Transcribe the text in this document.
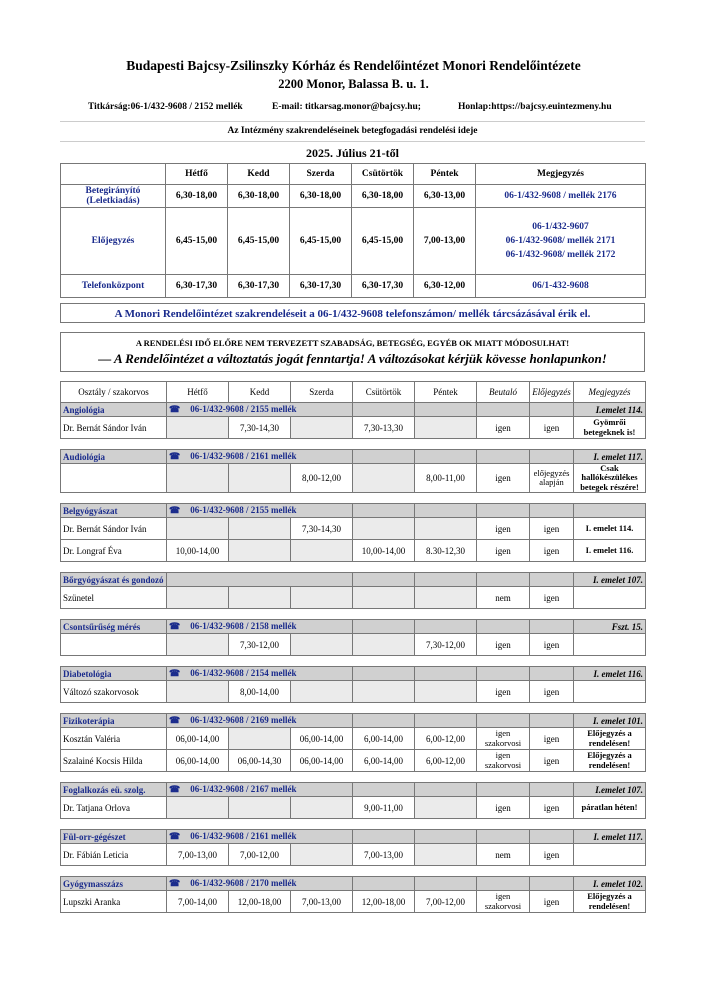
Budapesti Bajcsy-Zsilinszky Kórház és Rendelőintézet Monori Rendelőintézete
2200 Monor, Balassa B. u. 1.
Titkárság:06-1/432-9608 / 2152 mellék	E-mail: titkarsag.monor@bajcsy.hu;	Honlap:https://bajcsy.euintezmeny.hu
Az Intézmény szakrendeléseinek betegfogadási rendelési ideje
2025. Július 21-től
	Hétfő	Kedd	Szerda	Csütörtök	Péntek	Megjegyzés
Betegirányító (Leletkiadás)	6,30-18,00	6,30-18,00	6,30-18,00	6,30-18,00	6,30-13,00	06-1/432-9608 / mellék 2176

Előjegyzés	6,45-15,00	6,45-15,00	6,45-15,00	6,45-15,00	7,00-13,00	06-1/432-9607
06-1/432-9608/ mellék 2171
06-1/432-9608/ mellék 2172

Telefonközpont	6,30-17,30	6,30-17,30	6,30-17,30	6,30-17,30	6,30-12,00	06/1-432-9608
A Monori Rendelőintézet szakrendeléseit a 06-1/432-9608 telefonszámon/ mellék tárcsázásával érik el.
A RENDELÉSI IDŐ ELŐRE NEM TERVEZETT SZABADSÁG, BETEGSÉG, EGYÉB OK MIATT MÓDOSULHAT!
— A Rendelőintézet a változtatás jogát fenntartja! A változásokat kérjük kövesse honlapunkon!
Osztály / szakorvos	Hétfő	Kedd	Szerda	Csütörtök	Péntek	Beutaló	Előjegyzés	Megjegyzés
Angiológia	☎ 06-1/432-9608 / 2155 mellék							I.emelet 114.
Dr. Bernát Sándor Iván		7,30-14,30		7,30-13,30		igen	igen	Gyömrői betegeknek is!

Audiológia	☎ 06-1/432-9608 / 2161 mellék							I. emelet 117.
			8,00-12,00		8,00-11,00	igen	előjegyzés alapján	Csak hallókészülékes betegek részére!

Belgyógyászat	☎ 06-1/432-9608 / 2155 mellék							
Dr. Bernát Sándor Iván			7,30-14,30			igen	igen	I. emelet 114.
Dr. Longraf Éva	10,00-14,00			10,00-14,00	8.30-12,30	igen	igen	I. emelet 116.

Bőrgyógyászat és gondozó								I. emelet 107.
Szünetel						nem	igen	

Csontsűrűség mérés	☎ 06-1/432-9608 / 2158 mellék							Fszt. 15.
		7,30-12,00			7,30-12,00	igen	igen	

Diabetológia	☎ 06-1/432-9608 / 2154 mellék							I. emelet 116.
Változó szakorvosok		8,00-14,00				igen	igen	

Fizikoterápia	☎ 06-1/432-9608 / 2169 mellék							I. emelet 101.
Kosztán Valéria	06,00-14,00		06,00-14,00	6,00-14,00	6,00-12,00	igen szakorvosi	igen	Előjegyzés a rendelésen!
Szalainé Kocsis Hilda	06,00-14,00	06,00-14,30	06,00-14,00	6,00-14,00	6,00-12,00	igen szakorvosi	igen	Előjegyzés a rendelésen!

Foglalkozás eü. szolg.	☎ 06-1/432-9608 / 2167 mellék							I.emelet 107.
Dr. Tatjana Orlova				9,00-11,00		igen	igen	páratlan héten!

Fül-orr-gégészet	☎ 06-1/432-9608 / 2161 mellék							I. emelet 117.
Dr. Fábián Leticia	7,00-13,00	7,00-12,00		7,00-13,00		nem	igen	

Gyógymasszázs	☎ 06-1/432-9608 / 2170 mellék							I. emelet 102.
Lupszki Aranka	7,00-14,00	12,00-18,00	7,00-13,00	12,00-18,00	7,00-12,00	igen szakorvosi	igen	Előjegyzés a rendelésen!
